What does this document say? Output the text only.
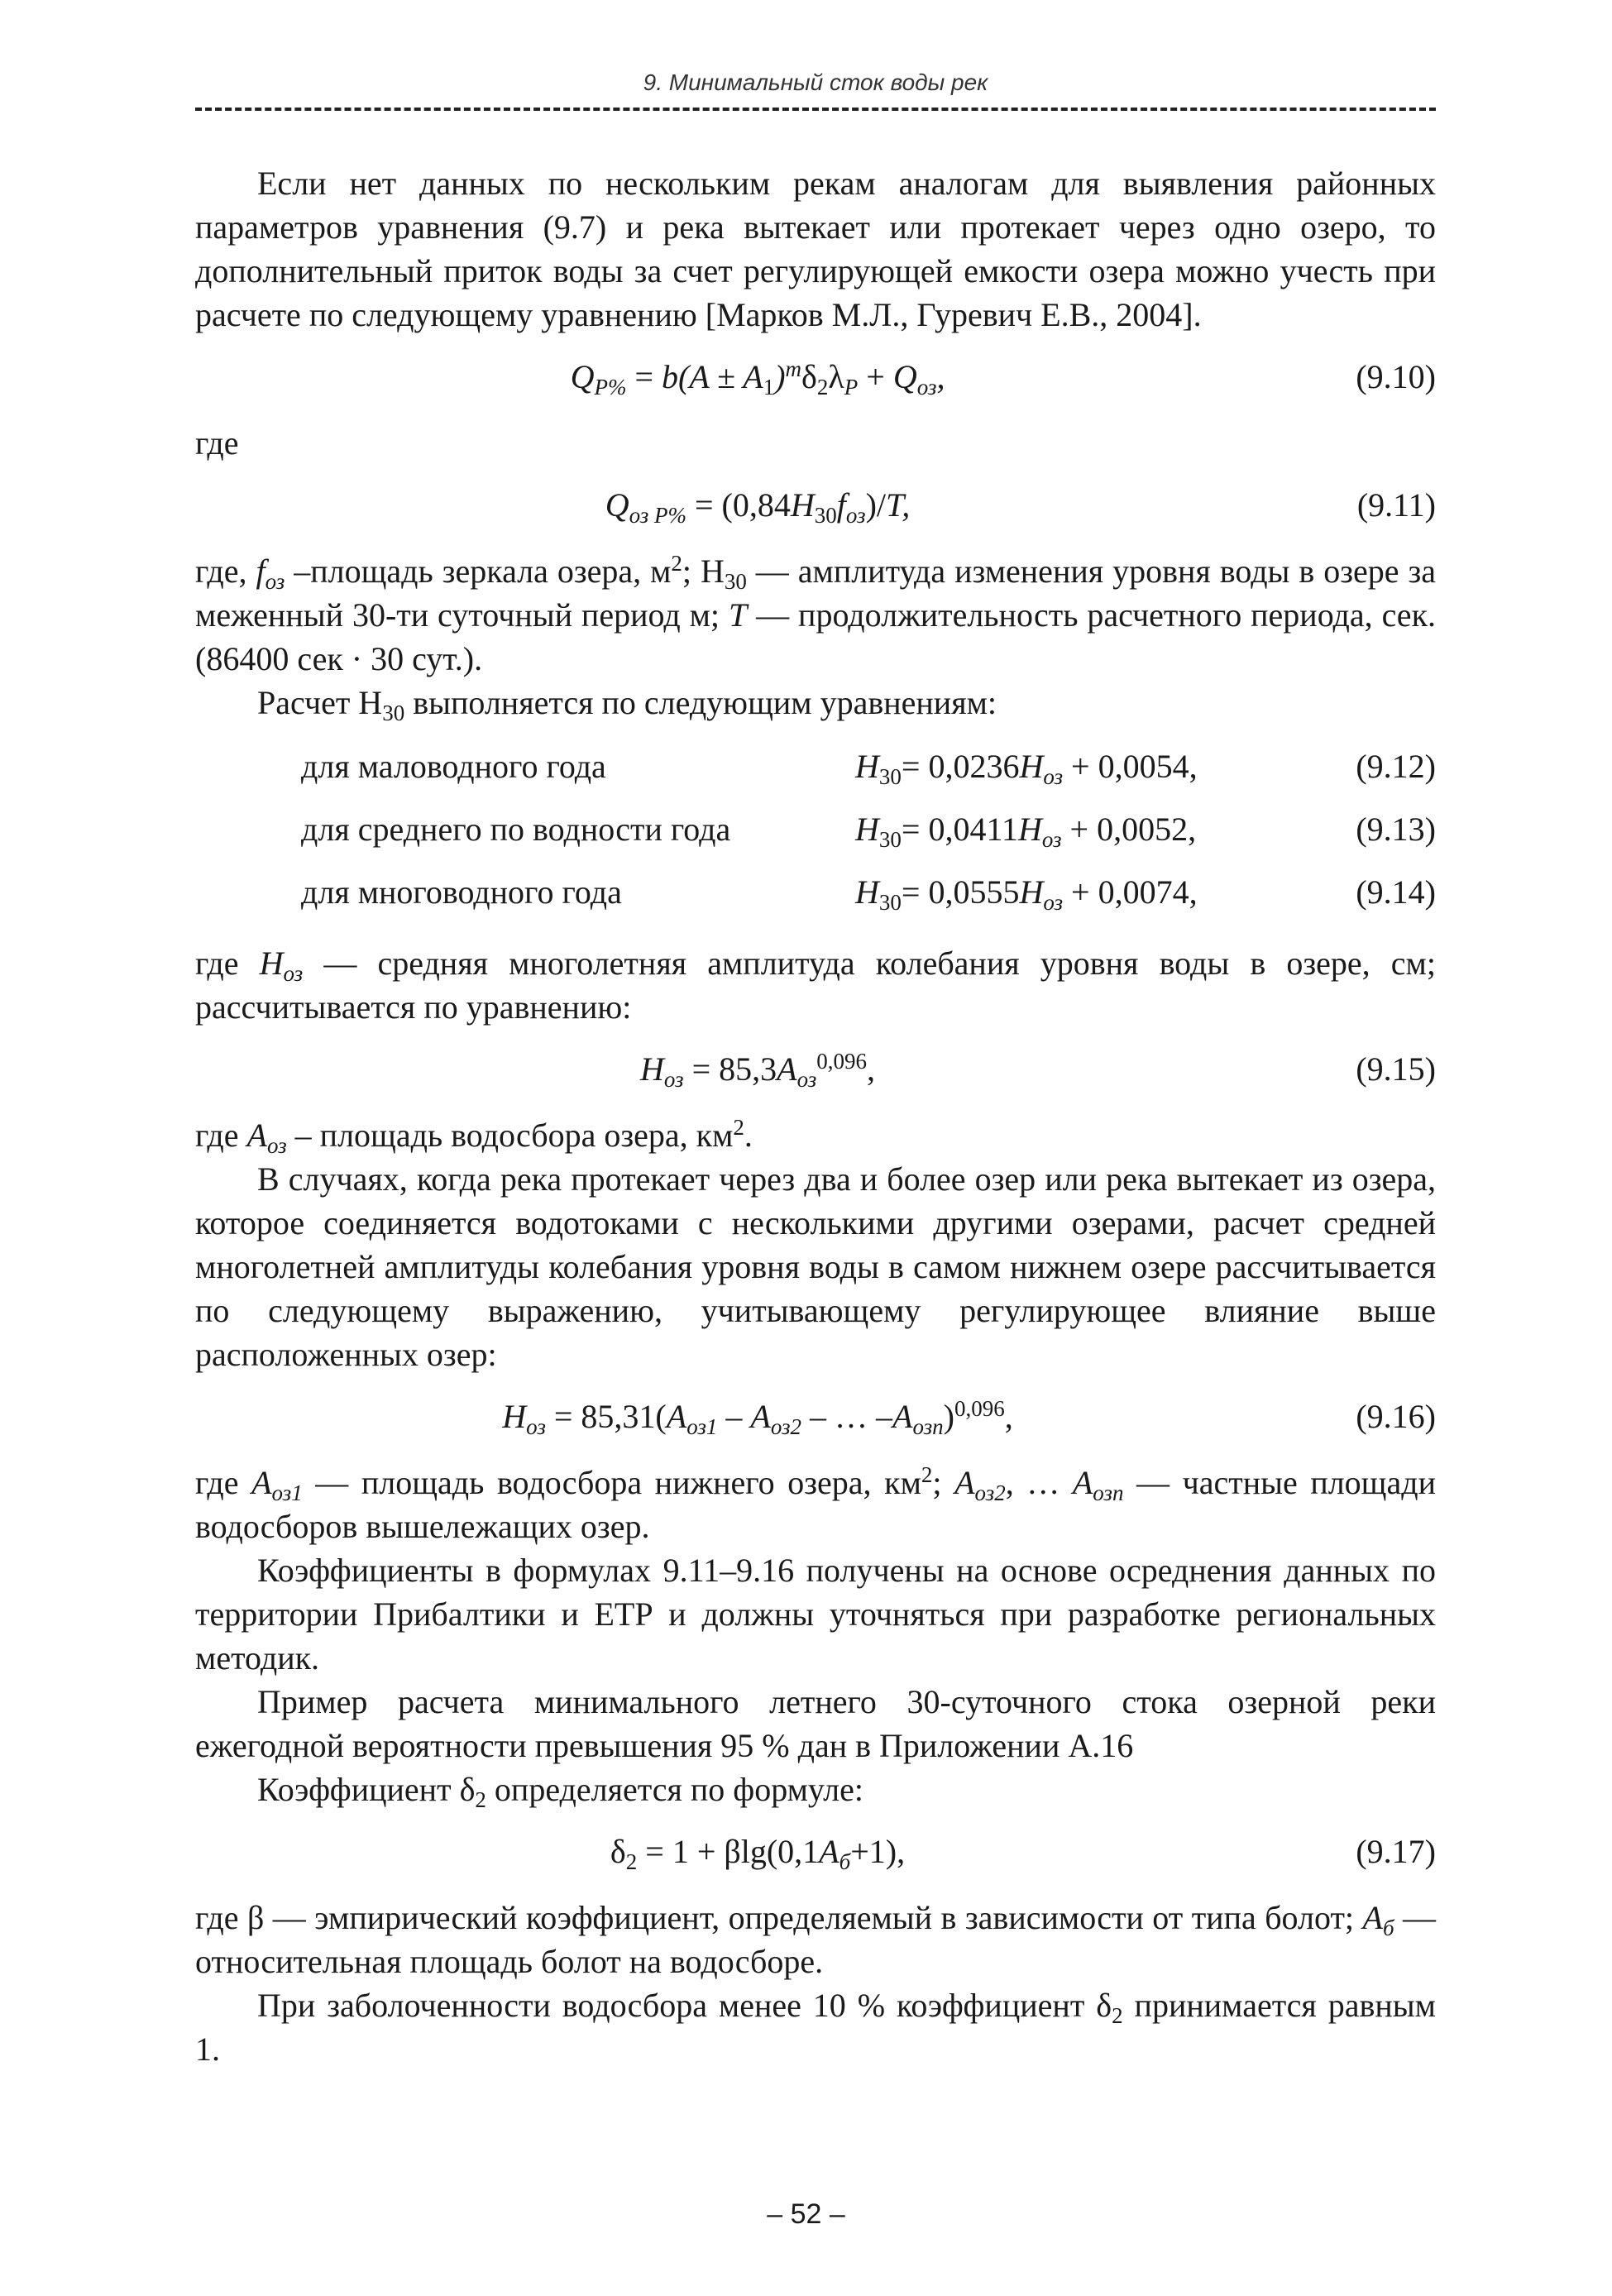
9. Минимальный сток воды рек

Если нет данных по нескольким рекам аналогам для выявления районных параметров уравнения (9.7) и река вытекает или протекает через одно озеро, то дополнительный приток воды за счет регулирующей емкости озера можно учесть при расчете по следующему уравнению [Марков М.Л., Гуревич Е.В., 2004].

$Q_{P\%} = b(A \pm A_1)^m\delta_2\lambda_P + Q_{оз}$,	(9.10)

где

$Q_{оз P\%} = (0,84H_{30}f_{оз})/T$,	(9.11)

где, $f_{оз}$ –площадь зеркала озера, $м^2$; $Н_{30}$ — амплитуда изменения уровня воды в озере за меженный 30-ти суточный период м; T — продолжительность расчетного периода, сек. (86400 сек · 30 сут.).

Расчет $Н_{30}$ выполняется по следующим уравнениям:

для маловодного года	$H_{30}= 0,0236H_{оз} + 0,0054$,	(9.12)
для среднего по водности года	$H_{30}= 0,0411H_{оз} + 0,0052$,	(9.13)
для многоводного года	$H_{30}= 0,0555H_{оз} + 0,0074$,	(9.14)

где $H_{оз}$ — средняя многолетняя амплитуда колебания уровня воды в озере, см; рассчитывается по уравнению:

$H_{оз} = 85,3A_{оз}^{0,096}$,	(9.15)

где $A_{оз}$ – площадь водосбора озера, $км^2$.

В случаях, когда река протекает через два и более озер или река вытекает из озера, которое соединяется водотоками с несколькими другими озерами, расчет средней многолетней амплитуды колебания уровня воды в самом нижнем озере рассчитывается по следующему выражению, учитывающему регулирующее влияние выше расположенных озер:

$H_{оз} = 85,31(A_{оз1} - A_{оз2}$ – … $-A_{озn})^{0,096}$,	(9.16)

где $A_{оз1}$ — площадь водосбора нижнего озера, $км^2$; $A_{оз2}$, … $A_{озn}$ — частные площади водосборов вышележащих озер.

Коэффициенты в формулах 9.11–9.16 получены на основе осреднения данных по территории Прибалтики и ЕТР и должны уточняться при разработке региональных методик.

Пример расчета минимального летнего 30-суточного стока озерной реки ежегодной вероятности превышения 95 % дан в Приложении А.16

Коэффициент $\delta_2$ определяется по формуле:

$\delta_2 = 1 + \beta\lg(0,1A_б+1)$,	(9.17)

где β — эмпирический коэффициент, определяемый в зависимости от типа болот; $A_б$ — относительная площадь болот на водосборе.

При заболоченности водосбора менее 10 % коэффициент $\delta_2$ принимается равным 1.

– 52 –
